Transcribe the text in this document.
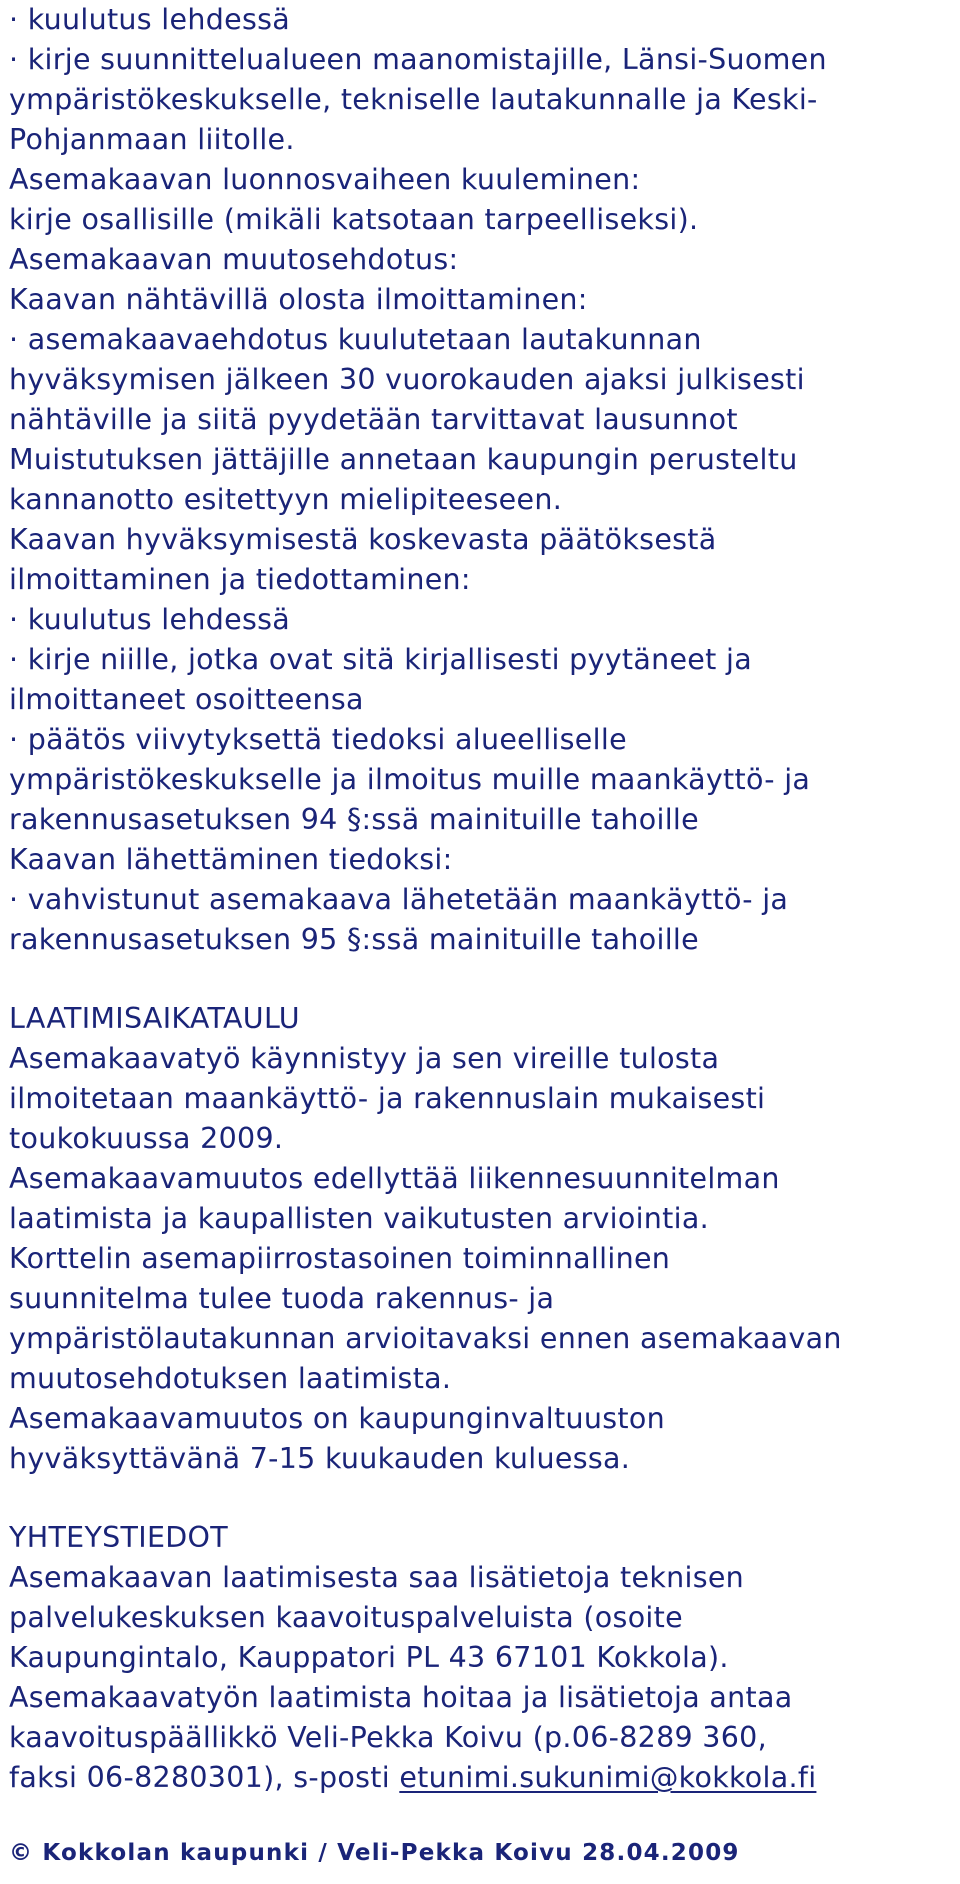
· kuulutus lehdessä
· kirje suunnittelualueen maanomistajille, Länsi-Suomen
ympäristökeskukselle, tekniselle lautakunnalle ja Keski-
Pohjanmaan liitolle.
Asemakaavan luonnosvaiheen kuuleminen:
kirje osallisille (mikäli katsotaan tarpeelliseksi).
Asemakaavan muutosehdotus:
Kaavan nähtävillä olosta ilmoittaminen:
· asemakaavaehdotus kuulutetaan lautakunnan
hyväksymisen jälkeen 30 vuorokauden ajaksi julkisesti
nähtäville ja siitä pyydetään tarvittavat lausunnot
Muistutuksen jättäjille annetaan kaupungin perusteltu
kannanotto esitettyyn mielipiteeseen.
Kaavan hyväksymisestä koskevasta päätöksestä
ilmoittaminen ja tiedottaminen:
· kuulutus lehdessä
· kirje niille, jotka ovat sitä kirjallisesti pyytäneet ja
ilmoittaneet osoitteensa
· päätös viivytyksettä tiedoksi alueelliselle
ympäristökeskukselle ja ilmoitus muille maankäyttö- ja
rakennusasetuksen 94 §:ssä mainituille tahoille
Kaavan lähettäminen tiedoksi:
· vahvistunut asemakaava lähetetään maankäyttö- ja
rakennusasetuksen 95 §:ssä mainituille tahoille
LAATIMISAIKATAULU
Asemakaavatyö käynnistyy ja sen vireille tulosta
ilmoitetaan maankäyttö- ja rakennuslain mukaisesti
toukokuussa 2009.
Asemakaavamuutos edellyttää liikennesuunnitelman
laatimista ja kaupallisten vaikutusten arviointia.
Korttelin asemapiirrostasoinen toiminnallinen
suunnitelma tulee tuoda rakennus- ja
ympäristölautakunnan arvioitavaksi ennen asemakaavan
muutosehdotuksen laatimista.
Asemakaavamuutos on kaupunginvaltuuston
hyväksyttävänä 7-15 kuukauden kuluessa.
YHTEYSTIEDOT
Asemakaavan laatimisesta saa lisätietoja teknisen
palvelukeskuksen kaavoituspalveluista (osoite
Kaupungintalo, Kauppatori PL 43 67101 Kokkola).
Asemakaavatyön laatimista hoitaa ja lisätietoja antaa
kaavoituspäällikkö Veli-Pekka Koivu (p.06-8289 360,
faksi 06-8280301), s-posti etunimi.sukunimi@kokkola.fi
© Kokkolan kaupunki / Veli-Pekka Koivu 28.04.2009
